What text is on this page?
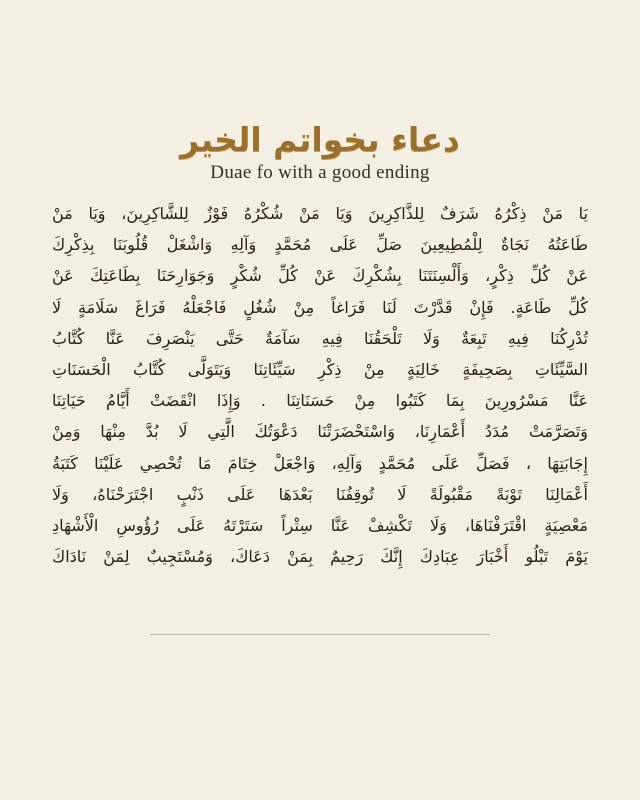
دعاء بخواتم الخير
Duae fo with a good ending
يَا مَنْ ذِكْرُهُ شَرَفٌ لِلذَّاكِرِينَ وَيَا مَنْ شُكْرُهُ فَوْزٌ لِلشَّاكِرِينَ، وَيَا مَنْ
طَاعَتُهُ نَجَاةٌ لِلْمُطِيعِينَ صَلِّ عَلَى مُحَمَّدٍ وَآلِهِ وَاشْغَلْ قُلُوبَنَا بِذِكْرِكَ
عَنْ كُلِّ ذِكْرٍ، وَأَلْسِنَتَنَا بِشُكْرِكَ عَنْ كُلِّ شُكْرٍ وَجَوَارِحَنَا بِطَاعَتِكَ عَنْ
كُلِّ طَاعَةٍ. فَإِنْ قَدَّرْتَ لَنَا فَرَاغاً مِنْ شُغُلٍ فَاجْعَلْهُ فَرَاغَ سَلَامَةٍ لَا
تُدْرِكُنَا فِيهِ تَبِعَةٌ وَلَا تَلْحَقُنَا فِيهِ سَآمَةٌ حَتَّى يَنْصَرِفَ عَنَّا كُتَّابُ
السَّيِّئَاتِ بِصَحِيفَةٍ خَالِيَةٍ مِنْ ذِكْرِ سَيِّئَاتِنَا وَيَتَوَلَّى كُتَّابُ الْحَسَنَاتِ
عَنَّا مَسْرُورِينَ بِمَا كَتَبُوا مِنْ حَسَنَاتِنَا . وَإِذَا انْقَضَتْ أَيَّامُ حَيَاتِنَا
وَتَصَرَّمَتْ مُدَدُ أَعْمَارِنَا، وَاسْتَحْضَرَتْنَا دَعْوَتُكَ الَّتِي لَا بُدَّ مِنْهَا وَمِنْ
إِجَابَتِهَا ، فَصَلِّ عَلَى مُحَمَّدٍ وَآلِهِ، وَاجْعَلْ خِتَامَ مَا تُحْصِي عَلَيْنَا كَتَبَةُ
أَعْمَالِنَا تَوْبَةً مَقْبُولَةً لَا تُوقِفُنَا بَعْدَهَا عَلَى ذَنْبٍ اجْتَرَحْنَاهُ، وَلَا
مَعْصِيَةٍ اقْتَرَفْنَاهَا، وَلَا تَكْشِفْ عَنَّا سِتْراً سَتَرْتَهُ عَلَى رُؤُوسِ الْأَشْهَادِ
يَوْمَ تَبْلُو أَخْبَارَ عِبَادِكَ إِنَّكَ رَحِيمٌ بِمَنْ دَعَاكَ، وَمُسْتَجِيبٌ لِمَنْ نَادَاكَ
